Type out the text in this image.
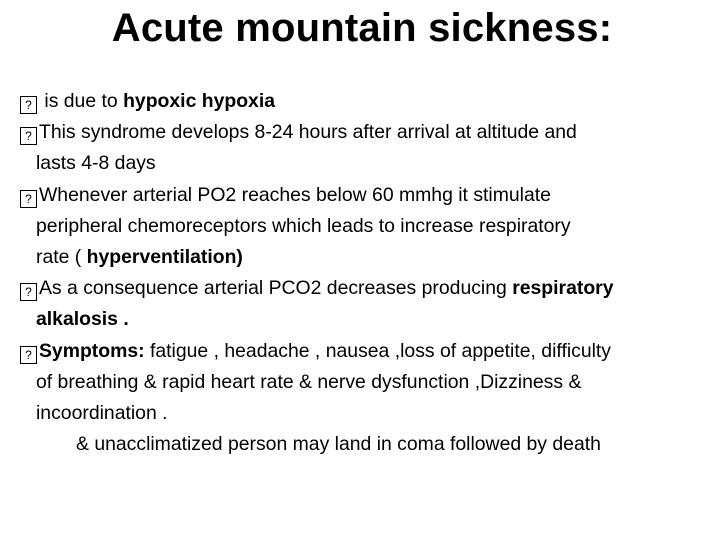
Acute mountain sickness:
? is due to hypoxic hypoxia
?This syndrome develops 8-24 hours after arrival at altitude and
lasts 4-8 days
?Whenever arterial PO2 reaches below 60 mmhg it stimulate
peripheral chemoreceptors which leads to increase respiratory
rate ( hyperventilation)
?As a consequence arterial PCO2 decreases producing respiratory
alkalosis .
?Symptoms: fatigue , headache , nausea ,loss of appetite, difficulty
of breathing & rapid heart rate & nerve dysfunction ,Dizziness &
incoordination .
& unacclimatized person may land in coma followed by death
